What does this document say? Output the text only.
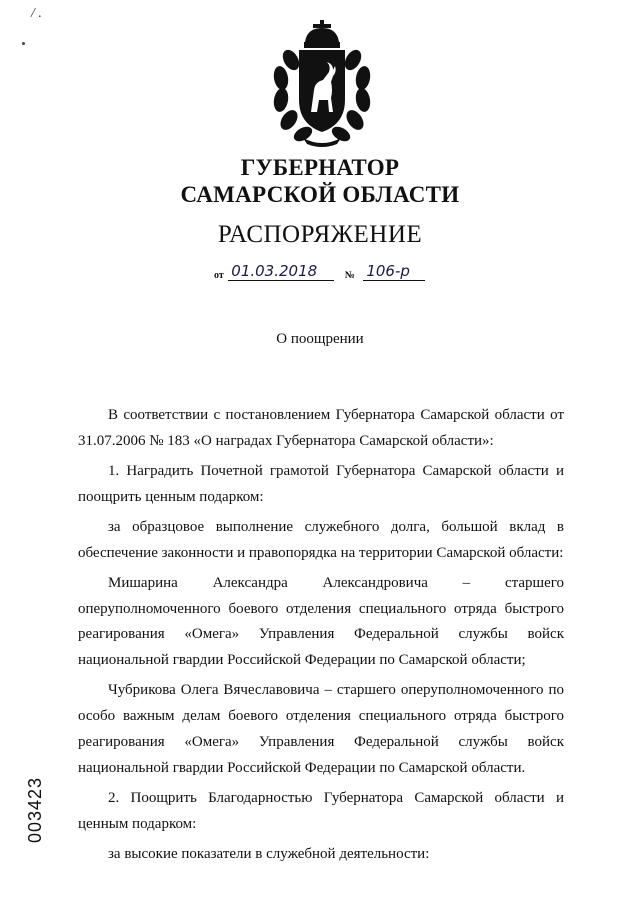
/ .
ГУБЕРНАТОР
САМАРСКОЙ ОБЛАСТИ
РАСПОРЯЖЕНИЕ
от 01.03.2018	№ 106-р
О поощрении

В соответствии с постановлением Губернатора Самарской области от 31.07.2006 № 183 «О наградах Губернатора Самарской области»:

1. Наградить Почетной грамотой Губернатора Самарской области и поощрить ценным подарком:

за образцовое выполнение служебного долга, большой вклад в обеспечение законности и правопорядка на территории Самарской области:

Мишарина Александра Александровича – старшего оперуполномоченного боевого отделения специального отряда быстрого реагирования «Омега» Управления Федеральной службы войск национальной гвардии Российской Федерации по Самарской области;

Чубрикова Олега Вячеславовича – старшего оперуполномоченного по особо важным делам боевого отделения специального отряда быстрого реагирования «Омега» Управления Федеральной службы войск национальной гвардии Российской Федерации по Самарской области.

2. Поощрить Благодарностью Губернатора Самарской области и ценным подарком:

за высокие показатели в служебной деятельности:

003423
